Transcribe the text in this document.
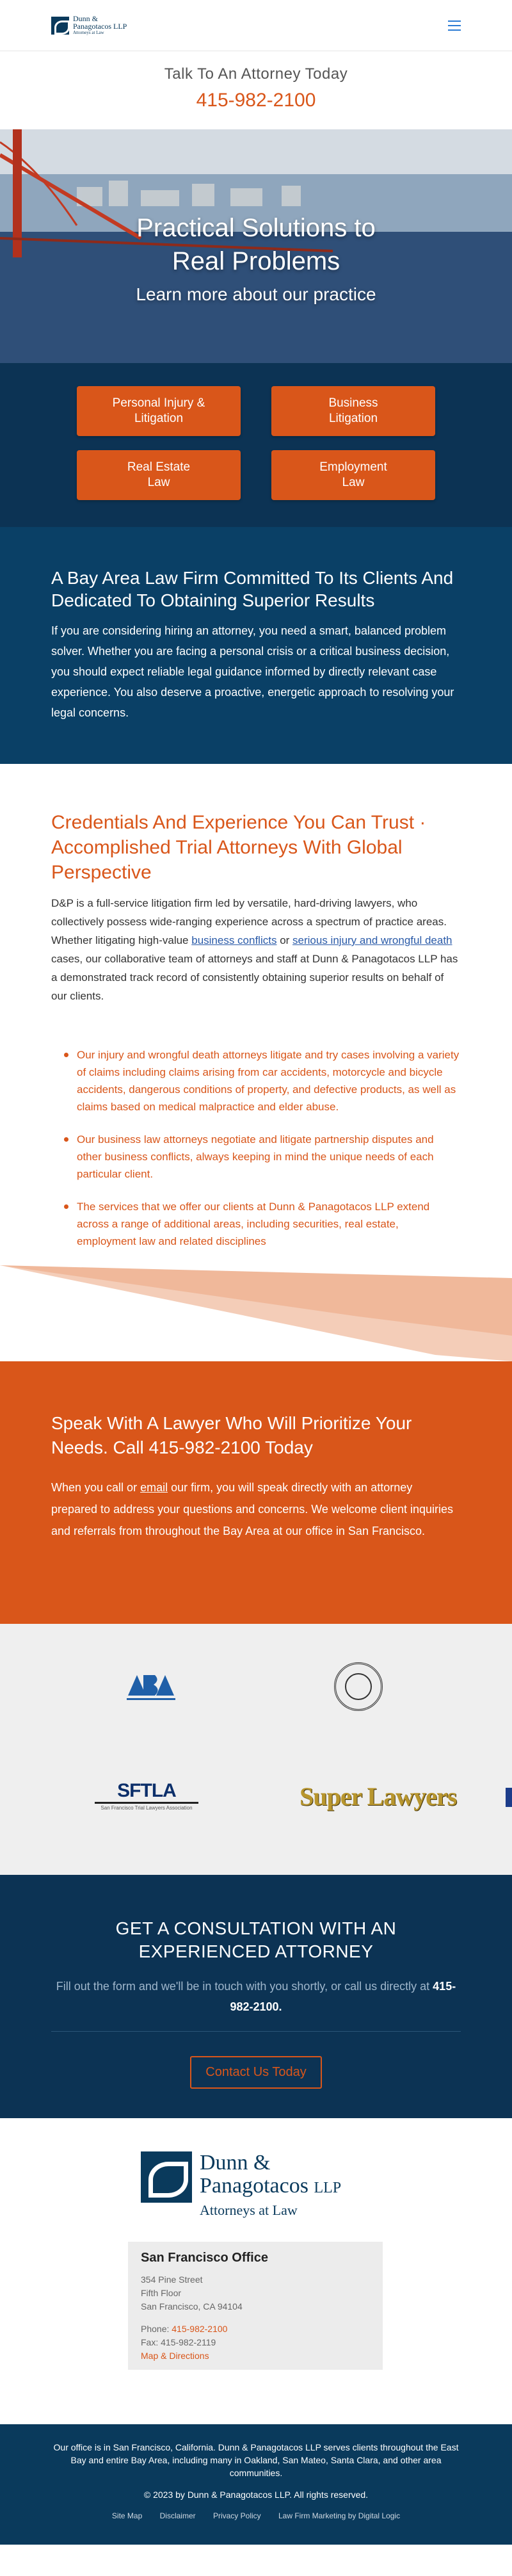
Dunn &
Panagotacos LLP
Attorneys at Law
Talk To An Attorney Today
415-982-2100
Practical Solutions to
Real Problems
Learn more about our practice
Personal Injury &
Litigation
Business
Litigation
Real Estate
Law
Employment
Law
A Bay Area Law Firm Committed To Its Clients And Dedicated To Obtaining Superior Results

If you are considering hiring an attorney, you need a smart, balanced problem solver. Whether you are facing a personal crisis or a critical business decision, you should expect reliable legal guidance informed by directly relevant case experience. You also deserve a proactive, energetic approach to resolving your legal concerns.

Credentials And Experience You Can Trust · Accomplished Trial Attorneys With Global Perspective

D&P is a full-service litigation firm led by versatile, hard-driving lawyers, who collectively possess wide-ranging experience across a spectrum of practice areas. Whether litigating high-value business conflicts or serious injury and wrongful death cases, our collaborative team of attorneys and staff at Dunn & Panagotacos LLP has a demonstrated track record of consistently obtaining superior results on behalf of our clients.

Our injury and wrongful death attorneys litigate and try cases involving a variety of claims including claims arising from car accidents, motorcycle and bicycle accidents, dangerous conditions of property, and defective products, as well as claims based on medical malpractice and elder abuse.
Our business law attorneys negotiate and litigate partnership disputes and other business conflicts, always keeping in mind the unique needs of each particular client.
The services that we offer our clients at Dunn & Panagotacos LLP extend across a range of additional areas, including securities, real estate, employment law and related disciplines
Speak With A Lawyer Who Will Prioritize Your Needs. Call 415-982-2100 Today

When you call or email our firm, you will speak directly with an attorney prepared to address your questions and concerns. We welcome client inquiries and referrals from throughout the Bay Area at our office in San Francisco.

SFTLA
San Francisco Trial Lawyers Association	Super Lawyers
GET A CONSULTATION WITH AN
EXPERIENCED ATTORNEY

Fill out the form and we'll be in touch with you shortly, or call us directly at 415-982-2100.

Contact Us Today
Dunn &
Panagotacos LLP
Attorneys at Law
San Francisco Office
354 Pine Street
Fifth Floor
San Francisco, CA 94104
Phone: 415-982-2100
Fax: 415-982-2119
Map & Directions

Our office is in San Francisco, California. Dunn & Panagotacos LLP serves clients throughout the East Bay and entire Bay Area, including many in Oakland, San Mateo, Santa Clara, and other area communities.

© 2023 by Dunn & Panagotacos LLP. All rights reserved.

Site Map Disclaimer Privacy Policy Law Firm Marketing by Digital Logic
